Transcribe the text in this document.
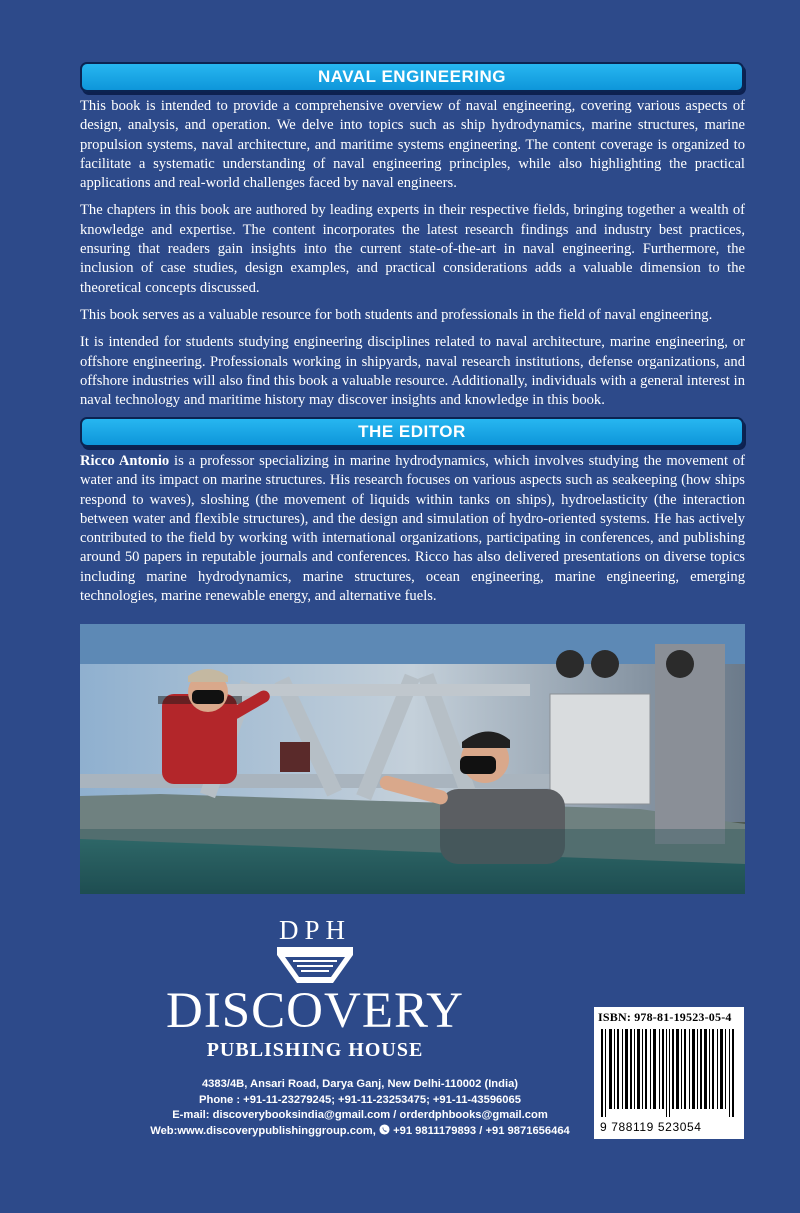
NAVAL ENGINEERING

This book is intended to provide a comprehensive overview of naval engineering, covering various aspects of design, analysis, and operation. We delve into topics such as ship hydrodynamics, marine structures, marine propulsion systems, naval architecture, and maritime systems engineering. The content coverage is organized to facilitate a systematic understanding of naval engineering principles, while also highlighting the practical applications and real-world challenges faced by naval engineers.

The chapters in this book are authored by leading experts in their respective fields, bringing together a wealth of knowledge and expertise. The content incorporates the latest research findings and industry best practices, ensuring that readers gain insights into the current state-of-the-art in naval engineering. Furthermore, the inclusion of case studies, design examples, and practical considerations adds a valuable dimension to the theoretical concepts discussed.

This book serves as a valuable resource for both students and professionals in the field of naval engineering.

It is intended for students studying engineering disciplines related to naval architecture, marine engineering, or offshore engineering. Professionals working in shipyards, naval research institutions, defense organizations, and offshore industries will also find this book a valuable resource. Additionally, individuals with a general interest in naval technology and maritime history may discover insights and knowledge in this book.

THE EDITOR

Ricco Antonio is a professor specializing in marine hydrodynamics, which involves studying the movement of water and its impact on marine structures. His research focuses on various aspects such as seakeeping (how ships respond to waves), sloshing (the movement of liquids within tanks on ships), hydroelasticity (the interaction between water and flexible structures), and the design and simulation of hydro-oriented systems. He has actively contributed to the field by working with international organizations, participating in conferences, and publishing around 50 papers in reputable journals and conferences. Ricco has also delivered presentations on diverse topics including marine hydrodynamics, marine structures, ocean engineering, marine engineering, emerging technologies, marine renewable energy, and alternative fuels.

DPH
DISCOVERY
PUBLISHING HOUSE
4383/4B, Ansari Road, Darya Ganj, New Delhi-110002 (India)
Phone : +91-11-23279245; +91-11-23253475; +91-11-43596065
E-mail: discoverybooksindia@gmail.com / orderdphbooks@gmail.com
Web:www.discoverypublishinggroup.com,  +91 9811179893 / +91 9871656464
ISBN: 978-81-19523-05-4
9 788119 523054
